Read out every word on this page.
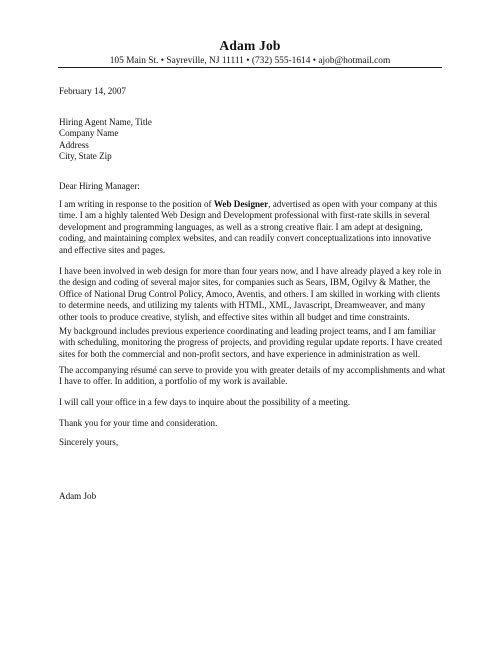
Adam Job
105 Main St. • Sayreville, NJ 11111 • (732) 555-1614 • ajob@hotmail.com

February 14, 2007

Hiring Agent Name, Title
Company Name
Address
City, State Zip

Dear Hiring Manager:

I am writing in response to the position of Web Designer, advertised as open with your company at this
time. I am a highly talented Web Design and Development professional with first-rate skills in several
development and programming languages, as well as a strong creative flair. I am adept at designing,
coding, and maintaining complex websites, and can readily convert conceptualizations into innovative
and effective sites and pages.
I have been involved in web design for more than four years now, and I have already played a key role in
the design and coding of several major sites, for companies such as Sears, IBM, Ogilvy & Mather, the
Office of National Drug Control Policy, Amoco, Aventis, and others. I am skilled in working with clients
to determine needs, and utilizing my talents with HTML, XML, Javascript, Dreamweaver, and many
other tools to produce creative, stylish, and effective sites within all budget and time constraints.
My background includes previous experience coordinating and leading project teams, and I am familiar
with scheduling, monitoring the progress of projects, and providing regular update reports. I have created
sites for both the commercial and non-profit sectors, and have experience in administration as well.
The accompanying résumé can serve to provide you with greater details of my accomplishments and what
I have to offer. In addition, a portfolio of my work is available.
I will call your office in a few days to inquire about the possibility of a meeting.
Thank you for your time and consideration.

Sincerely yours,

Adam Job
